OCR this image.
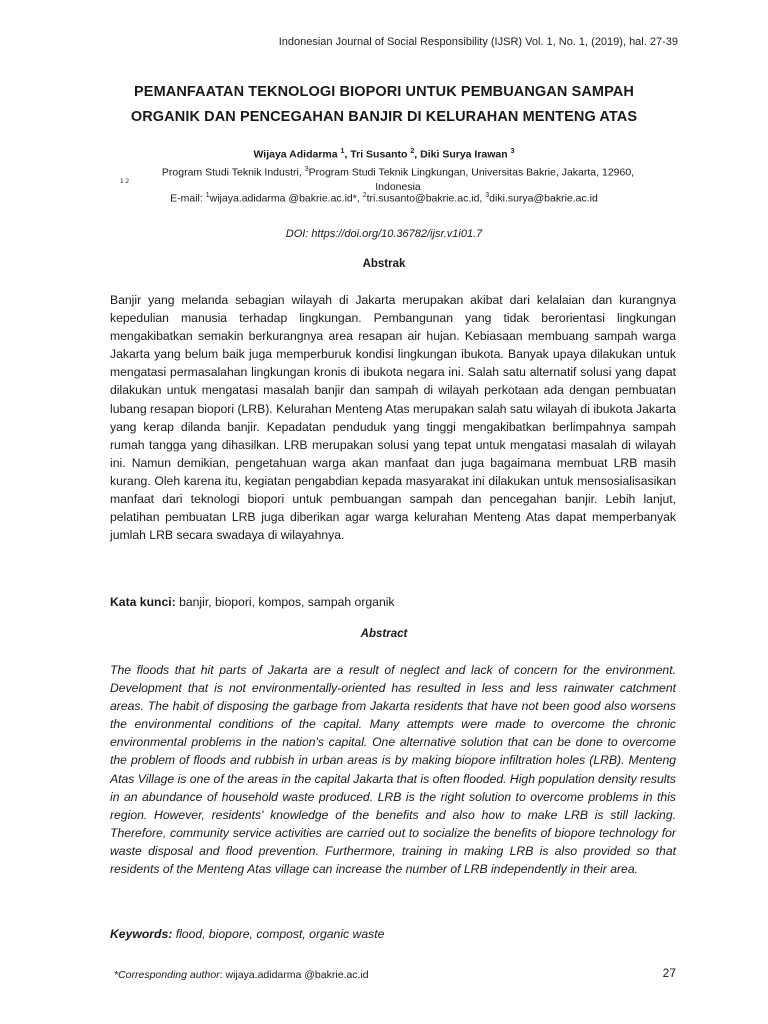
Indonesian Journal of Social Responsibility (IJSR) Vol. 1, No. 1, (2019), hal. 27-39
PEMANFAATAN TEKNOLOGI BIOPORI UNTUK PEMBUANGAN SAMPAH
ORGANIK DAN PENCEGAHAN BANJIR DI KELURAHAN MENTENG ATAS
Wijaya Adidarma $^1$, Tri Susanto $^2$, Diki Surya Irawan $^3$
1 2
Program Studi Teknik Industri, $^3$Program Studi Teknik Lingkungan, Universitas Bakrie, Jakarta, 12960,
Indonesia
E-mail: $^1$wijaya.adidarma @bakrie.ac.id*, $^2$tri.susanto@bakrie.ac.id, $^3$diki.surya@bakrie.ac.id
DOI: https://doi.org/10.36782/ijsr.v1i01.7
Abstrak

Banjir yang melanda sebagian wilayah di Jakarta merupakan akibat dari kelalaian dan kurangnya kepedulian manusia terhadap lingkungan. Pembangunan yang tidak berorientasi lingkungan mengakibatkan semakin berkurangnya area resapan air hujan. Kebiasaan membuang sampah warga Jakarta yang belum baik juga memperburuk kondisi lingkungan ibukota. Banyak upaya dilakukan untuk mengatasi permasalahan lingkungan kronis di ibukota negara ini. Salah satu alternatif solusi yang dapat dilakukan untuk mengatasi masalah banjir dan sampah di wilayah perkotaan ada dengan pembuatan lubang resapan biopori (LRB). Kelurahan Menteng Atas merupakan salah satu wilayah di ibukota Jakarta yang kerap dilanda banjir. Kepadatan penduduk yang tinggi mengakibatkan berlimpahnya sampah rumah tangga yang dihasilkan. LRB merupakan solusi yang tepat untuk mengatasi masalah di wilayah ini. Namun demikian, pengetahuan warga akan manfaat dan juga bagaimana membuat LRB masih kurang. Oleh karena itu, kegiatan pengabdian kepada masyarakat ini dilakukan untuk mensosialisasikan manfaat dari teknologi biopori untuk pembuangan sampah dan pencegahan banjir. Lebih lanjut, pelatihan pembuatan LRB juga diberikan agar warga kelurahan Menteng Atas dapat memperbanyak jumlah LRB secara swadaya di wilayahnya.

Kata kunci: banjir, biopori, kompos, sampah organik
Abstract

The floods that hit parts of Jakarta are a result of neglect and lack of concern for the environment. Development that is not environmentally-oriented has resulted in less and less rainwater catchment areas. The habit of disposing the garbage from Jakarta residents that have not been good also worsens the environmental conditions of the capital. Many attempts were made to overcome the chronic environmental problems in the nation's capital. One alternative solution that can be done to overcome the problem of floods and rubbish in urban areas is by making biopore infiltration holes (LRB). Menteng Atas Village is one of the areas in the capital Jakarta that is often flooded. High population density results in an abundance of household waste produced. LRB is the right solution to overcome problems in this region. However, residents' knowledge of the benefits and also how to make LRB is still lacking. Therefore, community service activities are carried out to socialize the benefits of biopore technology for waste disposal and flood prevention. Furthermore, training in making LRB is also provided so that residents of the Menteng Atas village can increase the number of LRB independently in their area.

Keywords: flood, biopore, compost, organic waste
*Corresponding author: wijaya.adidarma @bakrie.ac.id	27
